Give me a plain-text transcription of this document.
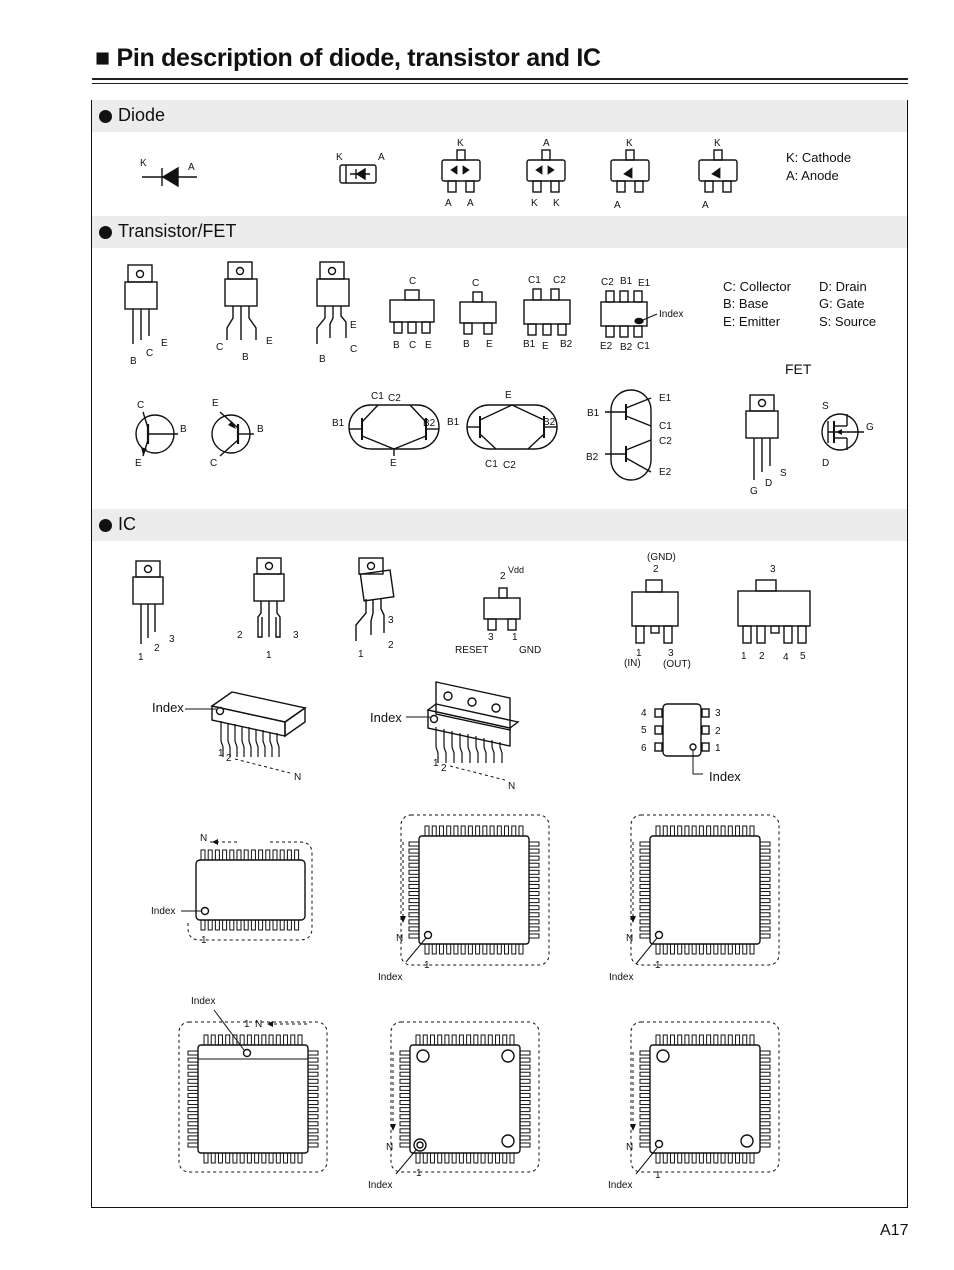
■ Pin description of diode, transistor and IC
Diode
Transistor/FET
IC
K	A
K	A
K
A A
A
K K
K
A
K
A
K: Cathode
A: Anode
B
C
E	C
B
E
B
E
C
C
B C E
C
B E
C1 C2
B1 E B2
C2 B1 E1
Index
E2 B2 C1
C: Collector
B: Base
E: Emitter
D: Drain
G: Gate
S: Source
FET
C
B
E
E
B
C
C1 C2
B1	B2
E
E
B1	B2
C1 C2
B1
B2
E1
C1
C2
E2
G
D
S
S
G
D
1
2
3	2
1
3
1
3
2
2
Vdd
3 1
RESET	GND
(GND)
2
1	3
(IN) (OUT)
3
1 2 4 5
Index
1 2
N
Index
1 2
N
4
5
6
3
2
1
Index
N
Index
1	N
1
Index
N
1
Index
Index
1 N
N
1
Index
N
1
Index
A17
